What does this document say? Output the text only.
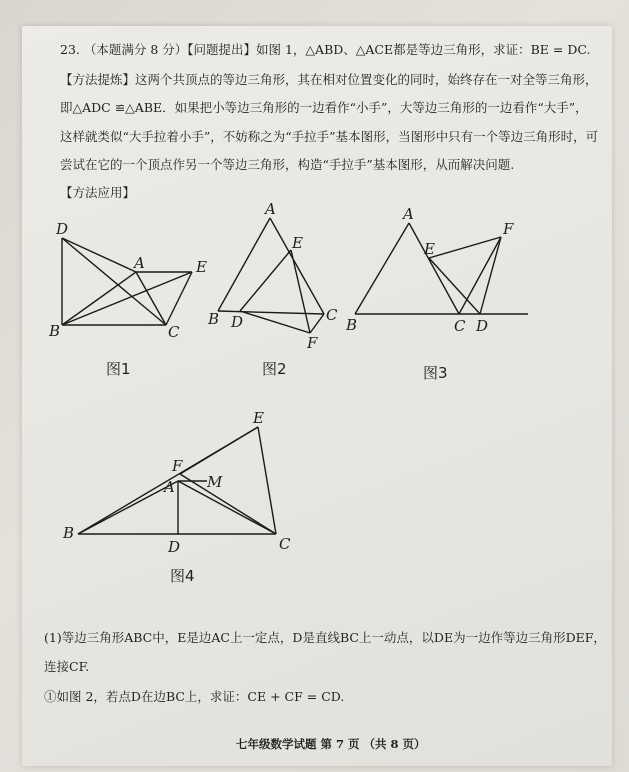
23. （本题满分 8 分）【问题提出】如图 1，△ABD、△ACE都是等边三角形，求证：BE = DC.
【方法提炼】这两个共顶点的等边三角形，其在相对位置变化的同时，始终存在一对全等三角形，
即△ADC ≌△ABE．如果把小等边三角形的一边看作“小手”，大等边三角形的一边看作“大手”，
这样就类似“大手拉着小手”，不妨称之为“手拉手”基本图形，当图形中只有一个等边三角形时，可
尝试在它的一个顶点作另一个等边三角形，构造“手拉手”基本图形，从而解决问题.
【方法应用】
D
A	E
B	C
图1
A
E
B D	C
F
图2
A
F
E
B	C D
图3
E
F
A M
B
D	C
图4
(1)等边三角形ABC中，E是边AC上一定点，D是直线BC上一动点，以DE为一边作等边三角形DEF，
连接CF.
①如图 2，若点D在边BC上，求证：CE + CF = CD.
七年级数学试题 第 7 页 （共 8 页）
